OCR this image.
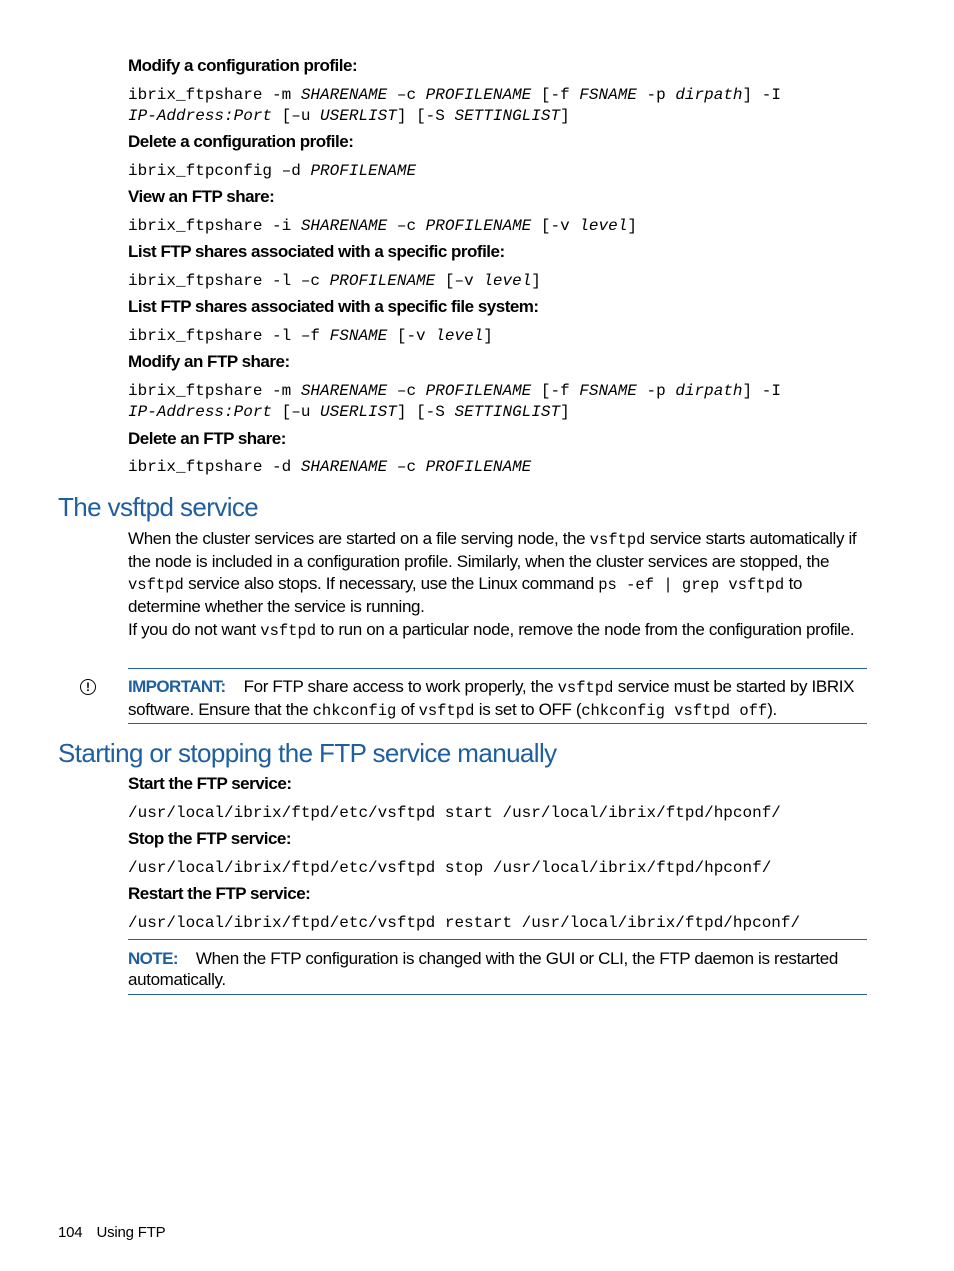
Modify a configuration profile:
ibrix_ftpshare -m SHARENAME –c PROFILENAME [-f FSNAME -p dirpath] -I
IP-Address:Port [–u USERLIST] [-S SETTINGLIST]
Delete a configuration profile:
ibrix_ftpconfig –d PROFILENAME
View an FTP share:
ibrix_ftpshare -i SHARENAME –c PROFILENAME [-v level]
List FTP shares associated with a specific profile:
ibrix_ftpshare -l –c PROFILENAME [–v level]
List FTP shares associated with a specific file system:
ibrix_ftpshare -l –f FSNAME [-v level]
Modify an FTP share:
ibrix_ftpshare -m SHARENAME –c PROFILENAME [-f FSNAME -p dirpath] -I
IP-Address:Port [–u USERLIST] [-S SETTINGLIST]
Delete an FTP share:
ibrix_ftpshare -d SHARENAME –c PROFILENAME
The vsftpd service
When the cluster services are started on a file serving node, the vsftpd service starts automatically if the node is included in a configuration profile. Similarly, when the cluster services are stopped, the vsftpd service also stops. If necessary, use the Linux command ps -ef | grep vsftpd to determine whether the service is running.
If you do not want vsftpd to run on a particular node, remove the node from the configuration profile.
!	IMPORTANT: For FTP share access to work properly, the vsftpd service must be started by IBRIX software. Ensure that the chkconfig of vsftpd is set to OFF (chkconfig vsftpd off).
Starting or stopping the FTP service manually
Start the FTP service:
/usr/local/ibrix/ftpd/etc/vsftpd start /usr/local/ibrix/ftpd/hpconf/
Stop the FTP service:
/usr/local/ibrix/ftpd/etc/vsftpd stop /usr/local/ibrix/ftpd/hpconf/
Restart the FTP service:
/usr/local/ibrix/ftpd/etc/vsftpd restart /usr/local/ibrix/ftpd/hpconf/
NOTE: When the FTP configuration is changed with the GUI or CLI, the FTP daemon is restarted automatically.
104 Using FTP
